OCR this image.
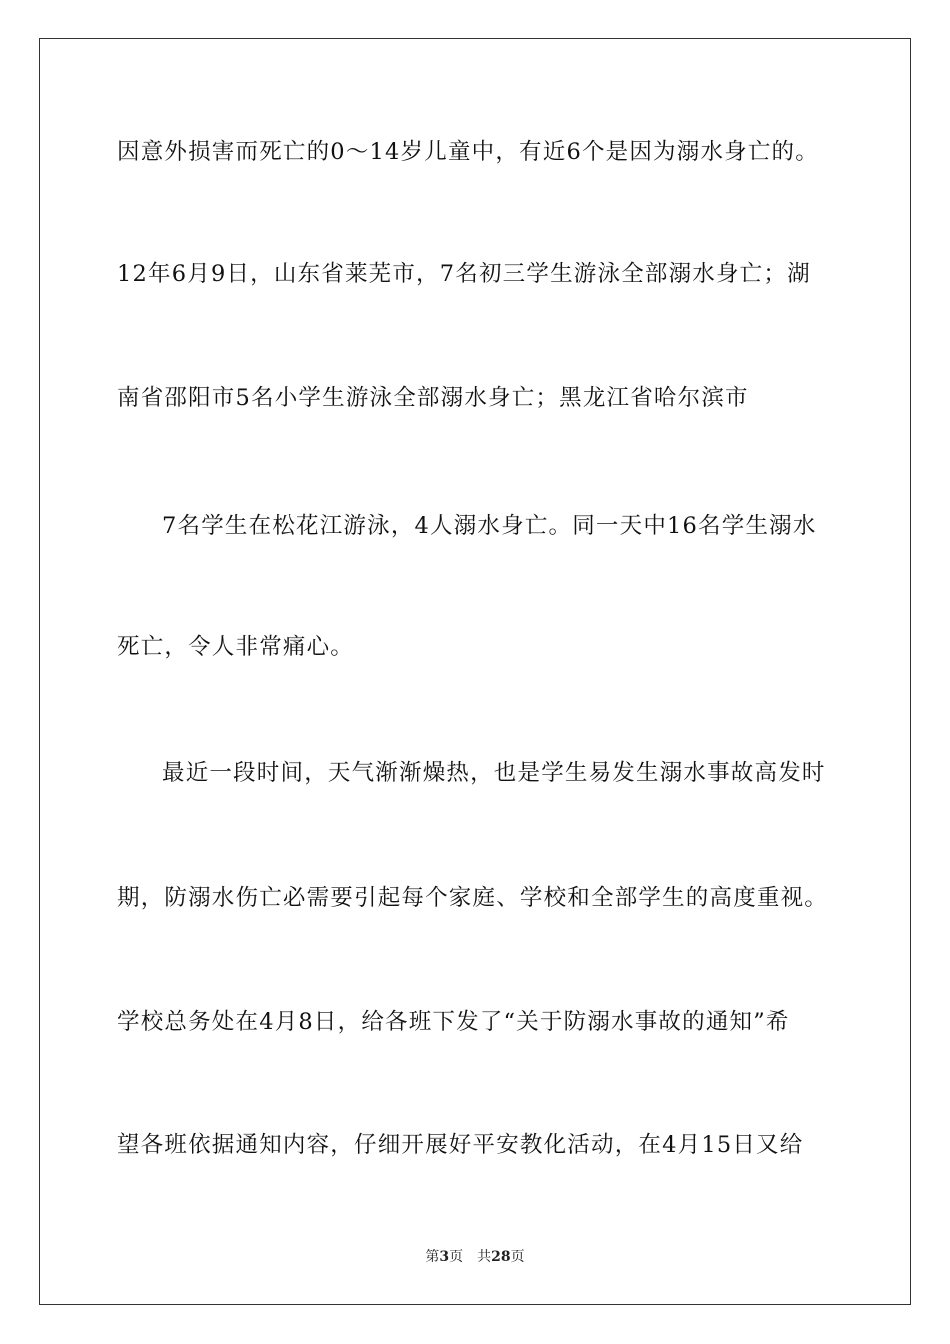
因意外损害而死亡的0～14岁儿童中，有近6个是因为溺水身亡的。
12年6月9日，山东省莱芜市，7名初三学生游泳全部溺水身亡；湖
南省邵阳市5名小学生游泳全部溺水身亡；黑龙江省哈尔滨市
7名学生在松花江游泳，4人溺水身亡。同一天中16名学生溺水
死亡，令人非常痛心。
最近一段时间，天气渐渐燥热，也是学生易发生溺水事故高发时
期，防溺水伤亡必需要引起每个家庭、学校和全部学生的高度重视。
学校总务处在4月8日，给各班下发了“关于防溺水事故的通知”希
望各班依据通知内容，仔细开展好平安教化活动，在4月15日又给
第3页 共28页
